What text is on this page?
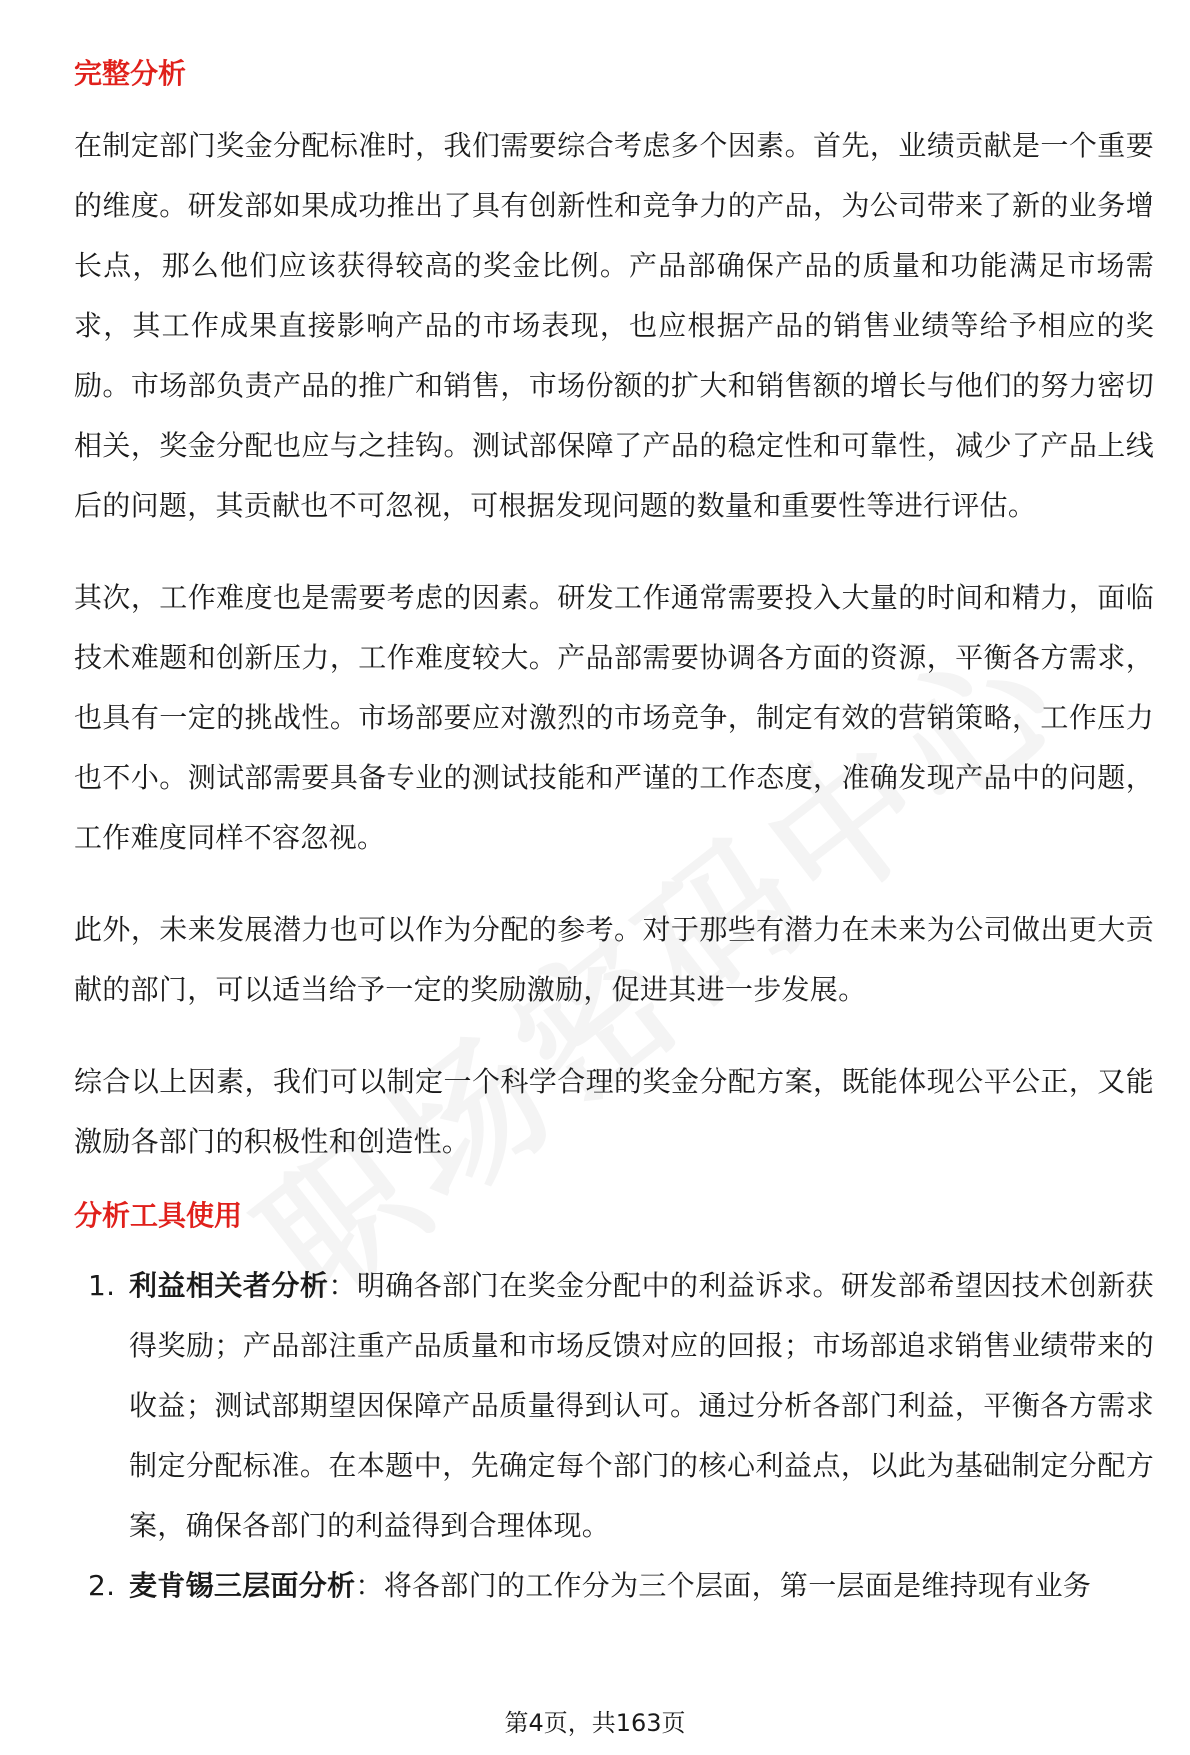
完整分析

在制定部门奖金分配标准时，我们需要综合考虑多个因素。首先，业绩贡献是一个重要的维度。研发部如果成功推出了具有创新性和竞争力的产品，为公司带来了新的业务增长点，那么他们应该获得较高的奖金比例。产品部确保产品的质量和功能满足市场需求，其工作成果直接影响产品的市场表现，也应根据产品的销售业绩等给予相应的奖励。市场部负责产品的推广和销售，市场份额的扩大和销售额的增长与他们的努力密切相关，奖金分配也应与之挂钩。测试部保障了产品的稳定性和可靠性，减少了产品上线后的问题，其贡献也不可忽视，可根据发现问题的数量和重要性等进行评估。

其次，工作难度也是需要考虑的因素。研发工作通常需要投入大量的时间和精力，面临技术难题和创新压力，工作难度较大。产品部需要协调各方面的资源，平衡各方需求，也具有一定的挑战性。市场部要应对激烈的市场竞争，制定有效的营销策略，工作压力也不小。测试部需要具备专业的测试技能和严谨的工作态度，准确发现产品中的问题，工作难度同样不容忽视。

此外，未来发展潜力也可以作为分配的参考。对于那些有潜力在未来为公司做出更大贡献的部门，可以适当给予一定的奖励激励，促进其进一步发展。

综合以上因素，我们可以制定一个科学合理的奖金分配方案，既能体现公平公正，又能激励各部门的积极性和创造性。

分析工具使用
1. 利益相关者分析：明确各部门在奖金分配中的利益诉求。研发部希望因技术创新获得奖励；产品部注重产品质量和市场反馈对应的回报；市场部追求销售业绩带来的收益；测试部期望因保障产品质量得到认可。通过分析各部门利益，平衡各方需求制定分配标准。在本题中，先确定每个部门的核心利益点，以此为基础制定分配方案，确保各部门的利益得到合理体现。
2. 麦肯锡三层面分析：将各部门的工作分为三个层面，第一层面是维持现有业务
第4页，共163页
